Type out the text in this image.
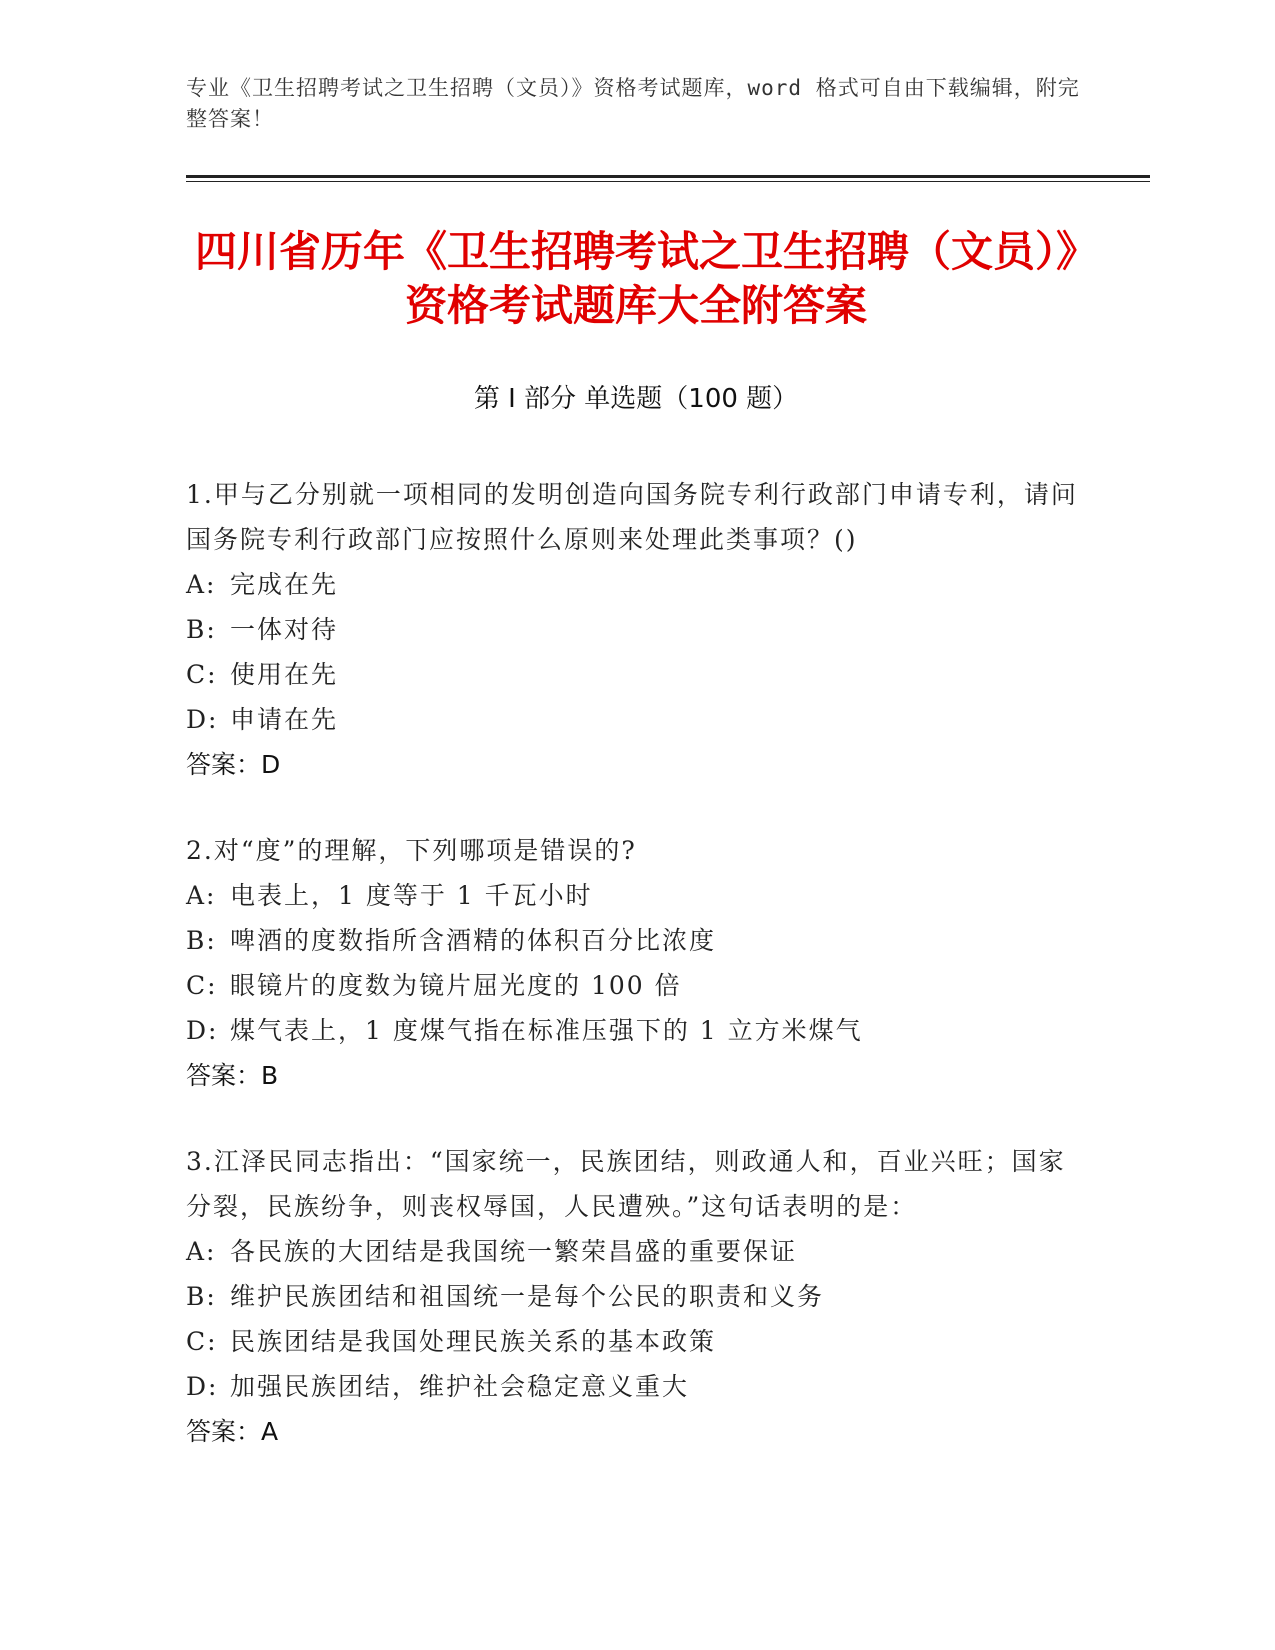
专业《卫生招聘考试之卫生招聘（文员）》资格考试题库，word 格式可自由下载编辑，附完整答案！
四川省历年《卫生招聘考试之卫生招聘（文员）》资格考试题库大全附答案
第 I 部分 单选题（100 题）
1.甲与乙分别就一项相同的发明创造向国务院专利行政部门申请专利，请问国务院专利行政部门应按照什么原则来处理此类事项？()
A: 完成在先
B: 一体对待
C: 使用在先
D: 申请在先
答案：D
2.对“度”的理解，下列哪项是错误的?
A: 电表上，1 度等于 1 千瓦小时
B: 啤酒的度数指所含酒精的体积百分比浓度
C: 眼镜片的度数为镜片屈光度的 100 倍
D: 煤气表上，1 度煤气指在标准压强下的 1 立方米煤气
答案：B
3.江泽民同志指出：“国家统一，民族团结，则政通人和，百业兴旺；国家分裂，民族纷争，则丧权辱国，人民遭殃。”这句话表明的是：
A: 各民族的大团结是我国统一繁荣昌盛的重要保证
B: 维护民族团结和祖国统一是每个公民的职责和义务
C: 民族团结是我国处理民族关系的基本政策
D: 加强民族团结，维护社会稳定意义重大
答案：A
